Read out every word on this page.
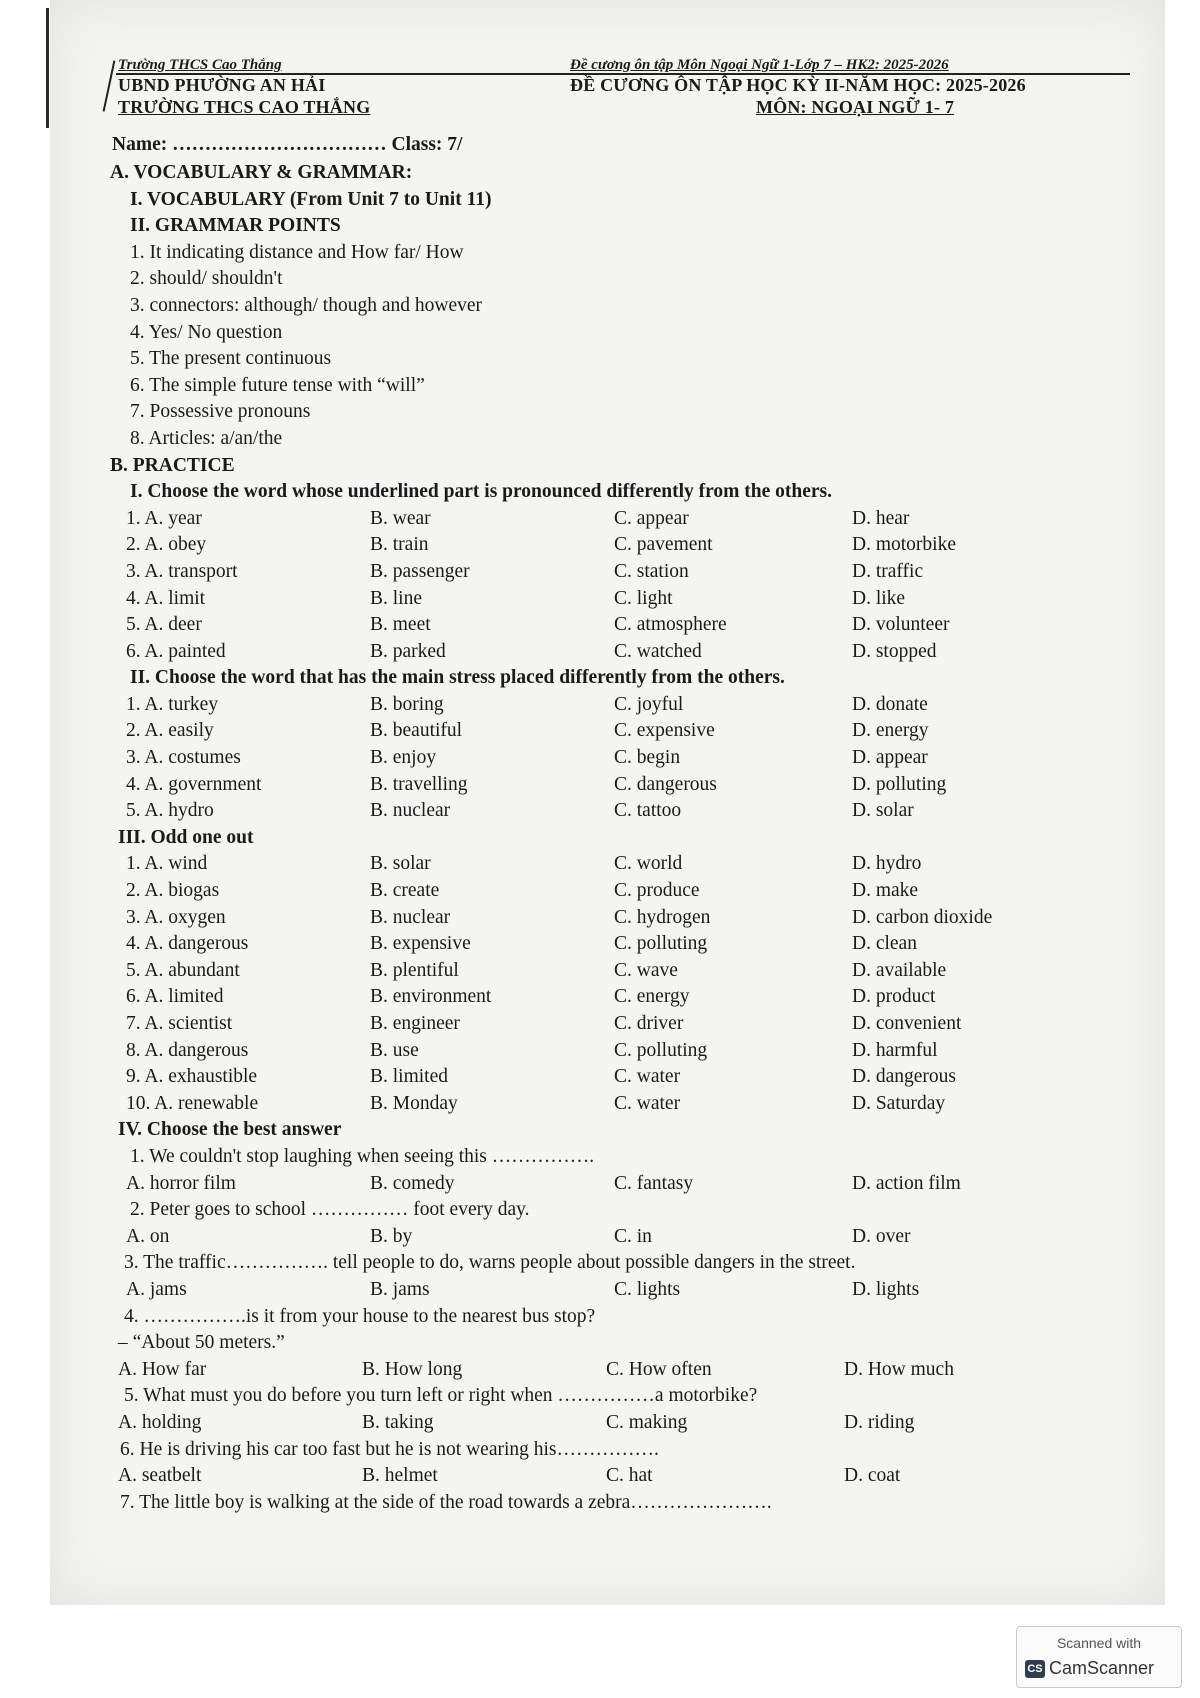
Trường THCS Cao Thắng
UBND PHƯỜNG AN HẢI
TRƯỜNG THCS CAO THẮNG
Đề cương ôn tập Môn Ngoại Ngữ 1-Lớp 7 – HK2: 2025-2026
ĐỀ CƯƠNG ÔN TẬP HỌC KỲ II-NĂM HỌC: 2025-2026
MÔN: NGOẠI NGỮ 1- 7
Name: …………………………… Class: 7/
A. VOCABULARY & GRAMMAR:
I. VOCABULARY (From Unit 7 to Unit 11)
II. GRAMMAR POINTS
1. It indicating distance and How far/ How
2. should/ shouldn't
3. connectors: although/ though and however
4. Yes/ No question
5. The present continuous
6. The simple future tense with “will”
7. Possessive pronouns
8. Articles: a/an/the
B. PRACTICE
I. Choose the word whose underlined part is pronounced differently from the others.
1. A. year	B. wear	C. appear	D. hear
2. A. obey	B. train	C. pavement	D. motorbike
3. A. transport	B. passenger	C. station	D. traffic
4. A. limit	B. line	C. light	D. like
5. A. deer	B. meet	C. atmosphere	D. volunteer
6. A. painted	B. parked	C. watched	D. stopped
II. Choose the word that has the main stress placed differently from the others.
1. A. turkey	B. boring	C. joyful	D. donate
2. A. easily	B. beautiful	C. expensive	D. energy
3. A. costumes	B. enjoy	C. begin	D. appear
4. A. government	B. travelling	C. dangerous	D. polluting
5. A. hydro	B. nuclear	C. tattoo	D. solar
III. Odd one out
1. A. wind	B. solar	C. world	D. hydro
2. A. biogas	B. create	C. produce	D. make
3. A. oxygen	B. nuclear	C. hydrogen	D. carbon dioxide
4. A. dangerous	B. expensive	C. polluting	D. clean
5. A. abundant	B. plentiful	C. wave	D. available
6. A. limited	B. environment	C. energy	D. product
7. A. scientist	B. engineer	C. driver	D. convenient
8. A. dangerous	B. use	C. polluting	D. harmful
9. A. exhaustible	B. limited	C. water	D. dangerous
10. A. renewable	B. Monday	C. water	D. Saturday
IV. Choose the best answer
1. We couldn't stop laughing when seeing this …………….
A. horror film	B. comedy	C. fantasy	D. action film
2. Peter goes to school …………… foot every day.
A. on	B. by	C. in	D. over
3. The traffic……………. tell people to do, warns people about possible dangers in the street.
A. jams	B. jams	C. lights	D. lights
4. …………….is it from your house to the nearest bus stop?
– “About 50 meters.”
A. How far	B. How long	C. How often	D. How much
5. What must you do before you turn left or right when ……………a motorbike?
A. holding	B. taking	C. making	D. riding
6. He is driving his car too fast but he is not wearing his…………….
A. seatbelt	B. helmet	C. hat	D. coat
7. The little boy is walking at the side of the road towards a zebra………………….
Scanned with
CS CamScanner
